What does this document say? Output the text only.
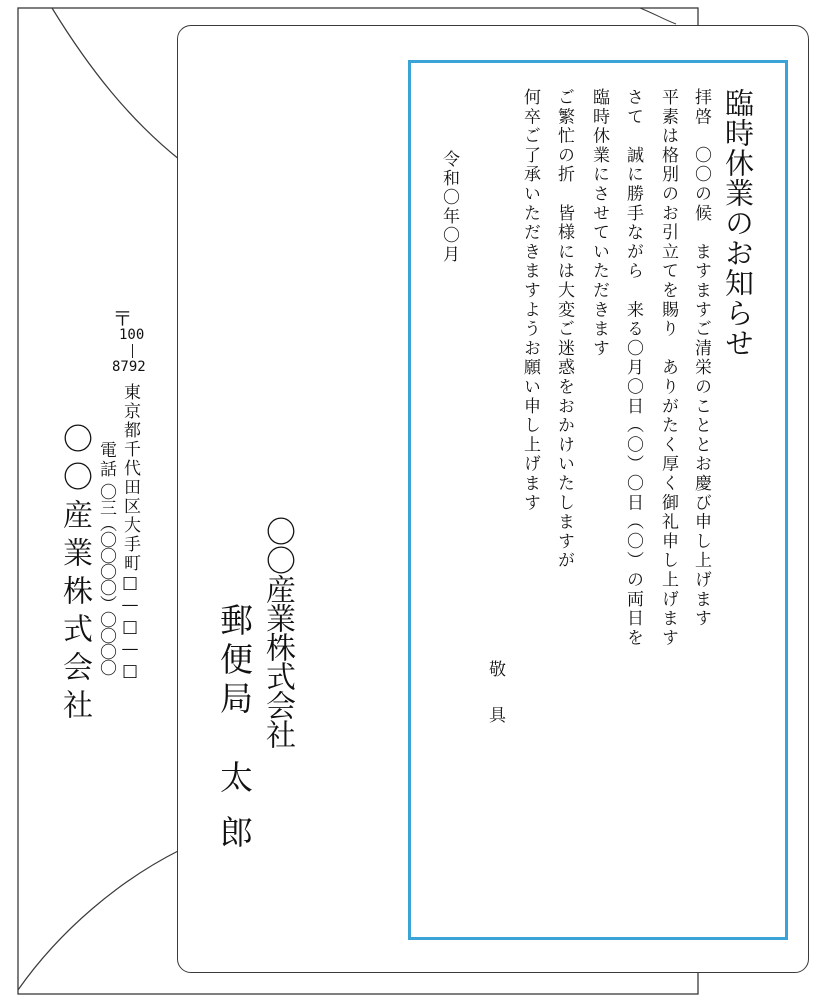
〒
100
8792
東京都千代田区大手町□—□—□
電話
〇三（〇〇〇〇）〇〇〇〇
〇〇産業株式会社	〇〇産業株式会社
郵便局
太郎
臨時休業のお知らせ
拝啓　〇〇の候　ますますご清栄のこととお慶び申し上げます
平素は格別のお引立てを賜り　ありがたく厚く御礼申し上げます
さて　誠に勝手ながら　来る〇月〇日（〇）〇日（〇）の両日を
臨時休業にさせていただきます
ご繁忙の折　皆様には大変ご迷惑をおかけいたしますが
何卒ご了承いただきますようお願い申し上げます
敬
具
令和〇年〇月
